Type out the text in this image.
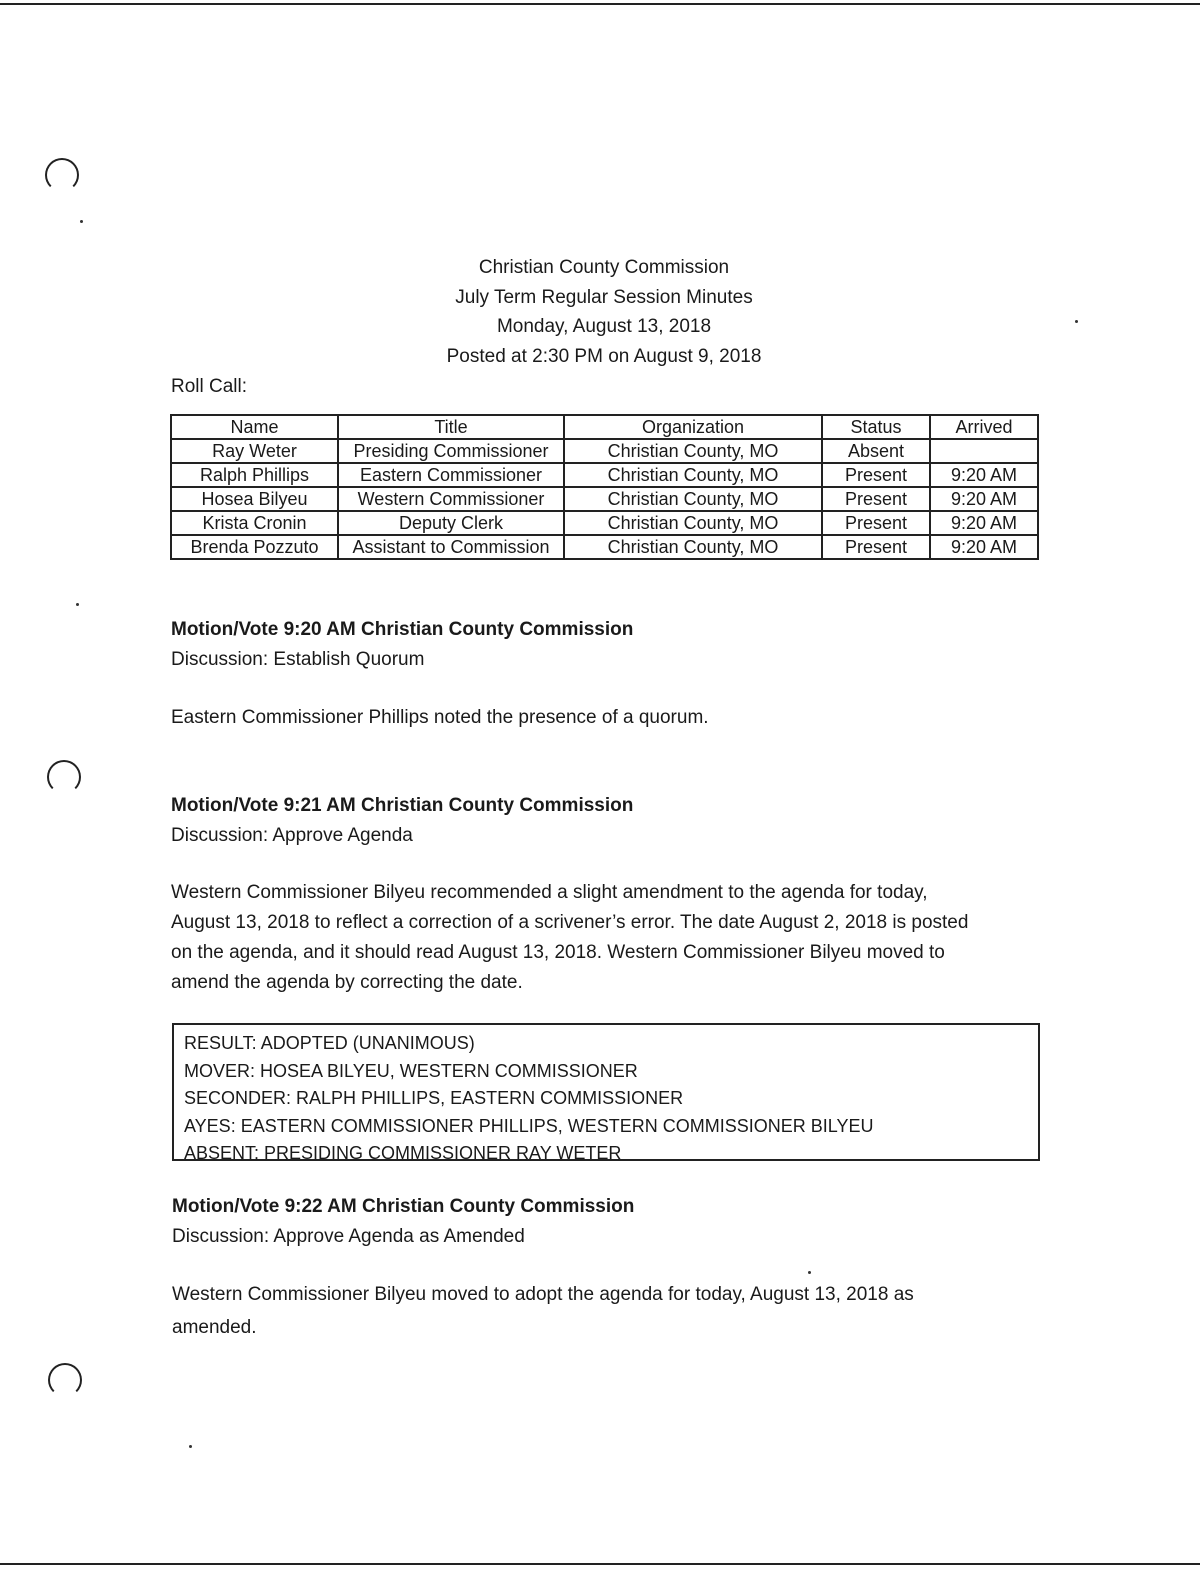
Christian County Commission
July Term Regular Session Minutes
Monday, August 13, 2018
Posted at 2:30 PM on August 9, 2018
Roll Call:
Name	Title	Organization	Status	Arrived
Ray Weter	Presiding Commissioner	Christian County, MO	Absent	
Ralph Phillips	Eastern Commissioner	Christian County, MO	Present	9:20 AM
Hosea Bilyeu	Western Commissioner	Christian County, MO	Present	9:20 AM
Krista Cronin	Deputy Clerk	Christian County, MO	Present	9:20 AM
Brenda Pozzuto	Assistant to Commission	Christian County, MO	Present	9:20 AM
Motion/Vote 9:20 AM Christian County Commission
Discussion: Establish Quorum
Eastern Commissioner Phillips noted the presence of a quorum.
Motion/Vote 9:21 AM Christian County Commission
Discussion: Approve Agenda
Western Commissioner Bilyeu recommended a slight amendment to the agenda for today,
August 13, 2018 to reflect a correction of a scrivener’s error. The date August 2, 2018 is posted
on the agenda, and it should read August 13, 2018. Western Commissioner Bilyeu moved to
amend the agenda by correcting the date.
RESULT: ADOPTED (UNANIMOUS)
MOVER: HOSEA BILYEU, WESTERN COMMISSIONER
SECONDER: RALPH PHILLIPS, EASTERN COMMISSIONER
AYES: EASTERN COMMISSIONER PHILLIPS, WESTERN COMMISSIONER BILYEU
ABSENT: PRESIDING COMMISSIONER RAY WETER
Motion/Vote 9:22 AM Christian County Commission
Discussion: Approve Agenda as Amended
Western Commissioner Bilyeu moved to adopt the agenda for today, August 13, 2018 as
amended.
